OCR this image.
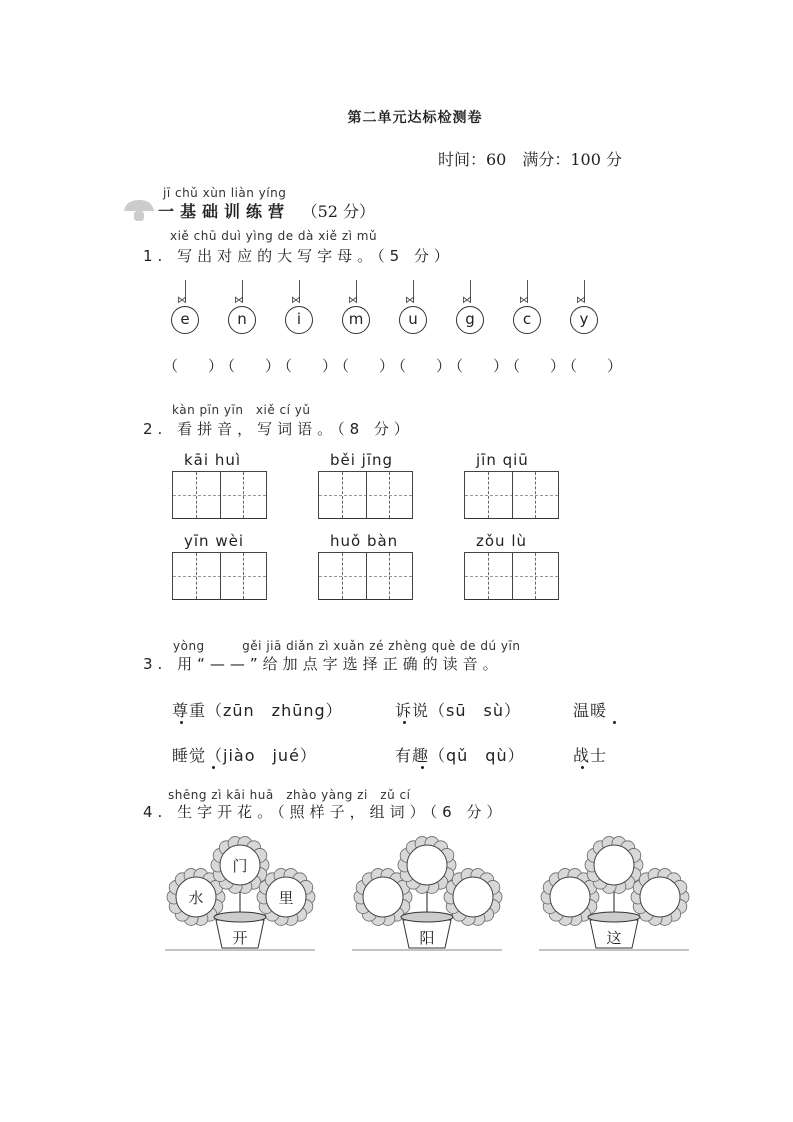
第二单元达标检测卷
时间：60　满分：100 分
jī chǔ xùn liàn yíng
一基础训练营 （52 分）
xiě chū duì yìng de dà xiě zì mǔ
1. 写出对应的大写字母。（5 分）
kàn pīn yīn　xiě cí yǔ
2. 看拼音，写词语。（8 分）
yòng　　　gěi jiā diǎn zì xuǎn zé zhèng què de dú yīn
3. 用“——”给加点字选择正确的读音。
shēng zì kāi huā　zhào yàng zi　zǔ cí
4. 生字开花。（照样子，组词）（6 分）
水
门
里
开	阳	这
⋈
e
（　　）
⋈
n
（　　）
⋈
i
（　　）
⋈
m
（　　）
⋈
u
（　　）
⋈
g
（　　）
⋈
c
（　　）
⋈
y
（　　）
kāi huì	běi jīng	jīn qiū
yīn wèi	huǒ bàn	zǒu lù
尊重（zūn　zhūng）	诉说（sū　sù）	温暖
睡觉（jiào　jué）	有趣（qǔ　qù）	战士
